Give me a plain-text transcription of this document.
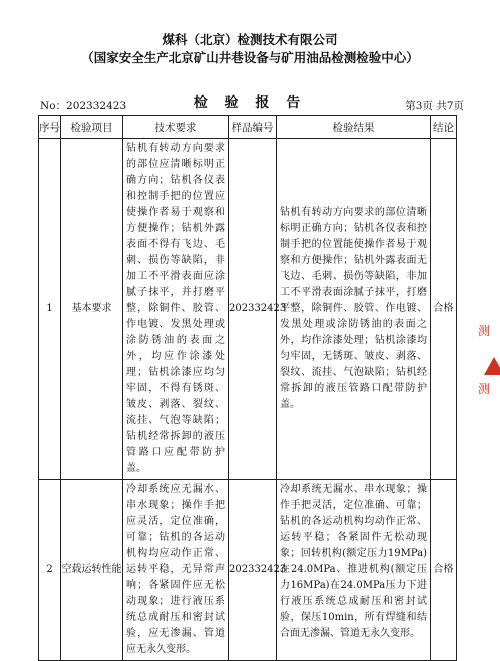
煤科（北京）检测技术有限公司
（国家安全生产北京矿山井巷设备与矿用油品检测检验中心）
No：202332423	检 验 报 告	第3页 共7页
序号	检验项目	技术要求	样品编号	检验结果	结论
1	基本要求	钻机有转动方向要求的部位应清晰标明正确方向；钻机各仪表和控制手把的位置应使操作者易于观察和方便操作；钻机外露表面不得有飞边、毛刺、损伤等缺陷，非加工不平滑表面应涂腻子抹平，并打磨平整，除铜件、胶管、作电镀、发黑处理或涂防锈油的表面之外，均应作涂漆处理；钻机涂漆应均匀牢固，不得有锈斑、皱皮、剥落、裂纹、流挂、气泡等缺陷；钻机经常拆卸的液压管路口应配带防护盖。	202332423	钻机有转动方向要求的部位清晰标明正确方向；钻机各仪表和控制手把的位置能使操作者易于观察和方便操作；钻机外露表面无飞边、毛刺、损伤等缺陷，非加工不平滑表面涂腻子抹平，打磨平整，除铜件、胶管、作电镀、发黑处理或涂防锈油的表面之外，均作涂漆处理；钻机涂漆均匀牢固，无锈斑、皱皮、剥落、裂纹、流挂、气泡缺陷；钻机经常拆卸的液压管路口配带防护盖。	合格
2	空载运转性能	冷却系统应无漏水、串水现象；操作手把应灵活，定位准确，可靠；钻机的各运动机构均应动作正常、运转平稳，无异常声响；各紧固件应无松动现象；进行液压系统总成耐压和密封试验，应无渗漏、管道应无永久变形。	202332423	冷却系统无漏水、串水现象；操作手把灵活，定位准确、可靠；钻机的各运动机构均动作正常、运转平稳；各紧固件无松动现象；回转机构(额定压力19MPa)在24.0MPa、推进机构(额定压力16MPa)在24.0MPa压力下进行液压系统总成耐压和密封试验，保压10min，所有焊缝和结合面无渗漏、管道无永久变形。	合格
测
测
